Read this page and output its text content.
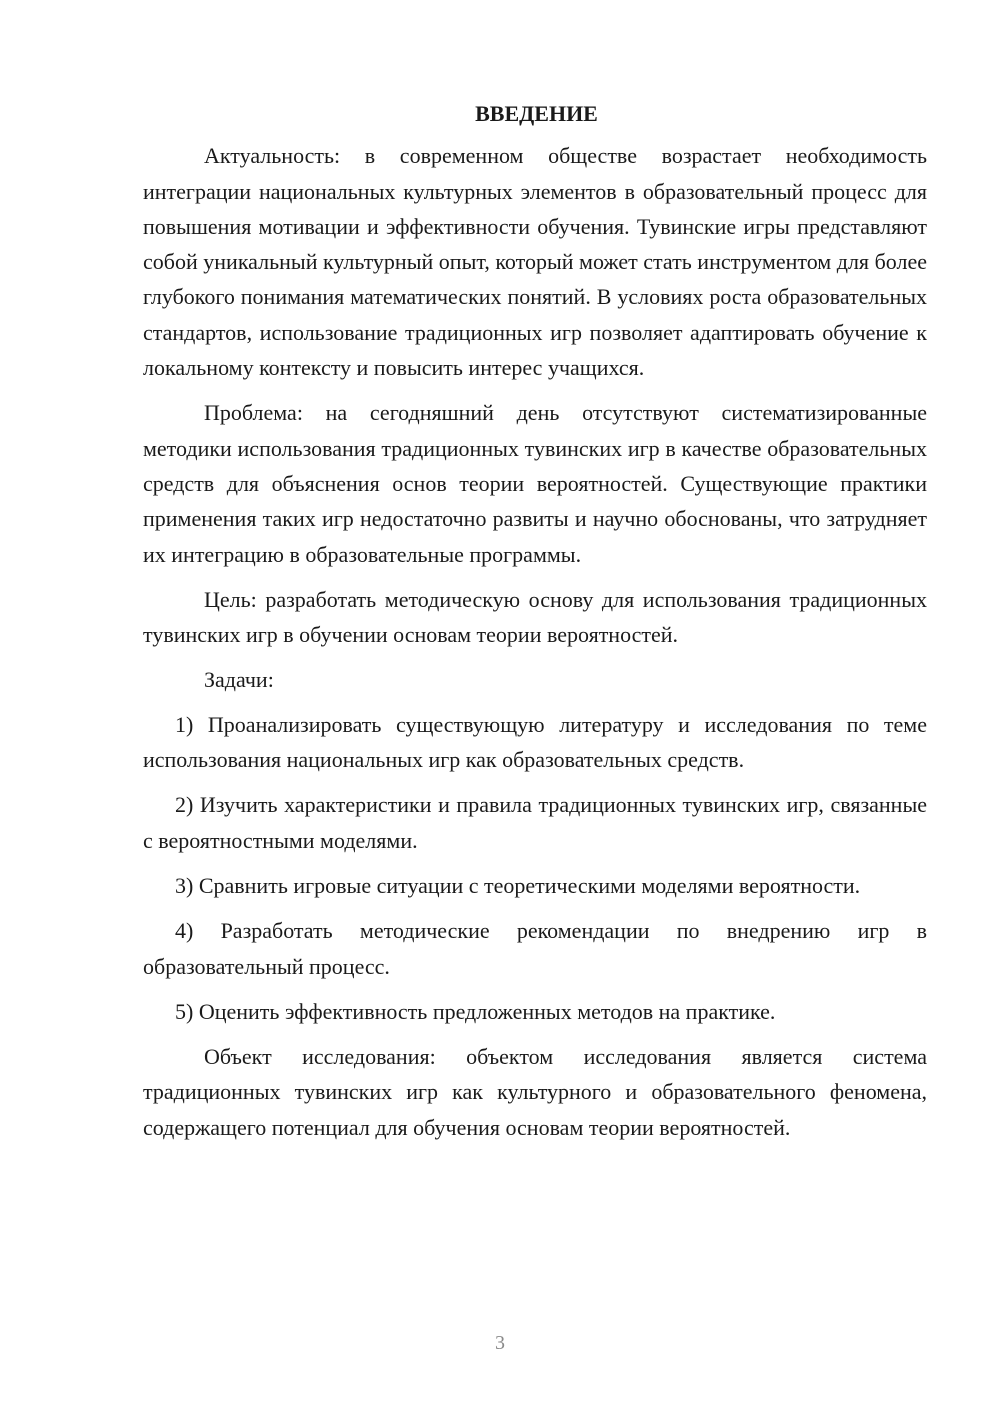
ВВЕДЕНИЕ

Актуальность: в современном обществе возрастает необходимость интеграции национальных культурных элементов в образовательный процесс для повышения мотивации и эффективности обучения. Тувинские игры представляют собой уникальный культурный опыт, который может стать инструментом для более глубокого понимания математических понятий. В условиях роста образовательных стандартов, использование традиционных игр позволяет адаптировать обучение к локальному контексту и повысить интерес учащихся.

Проблема: на сегодняшний день отсутствуют систематизированные методики использования традиционных тувинских игр в качестве образовательных средств для объяснения основ теории вероятностей. Существующие практики применения таких игр недостаточно развиты и научно обоснованы, что затрудняет их интеграцию в образовательные программы.

Цель: разработать методическую основу для использования традиционных тувинских игр в обучении основам теории вероятностей.

Задачи:

1) Проанализировать существующую литературу и исследования по теме использования национальных игр как образовательных средств.

2) Изучить характеристики и правила традиционных тувинских игр, связанные с вероятностными моделями.

3) Сравнить игровые ситуации с теоретическими моделями вероятности.

4) Разработать методические рекомендации по внедрению игр в образовательный процесс.

5) Оценить эффективность предложенных методов на практике.

Объект исследования: объектом исследования является система традиционных тувинских игр как культурного и образовательного феномена, содержащего потенциал для обучения основам теории вероятностей.

3
